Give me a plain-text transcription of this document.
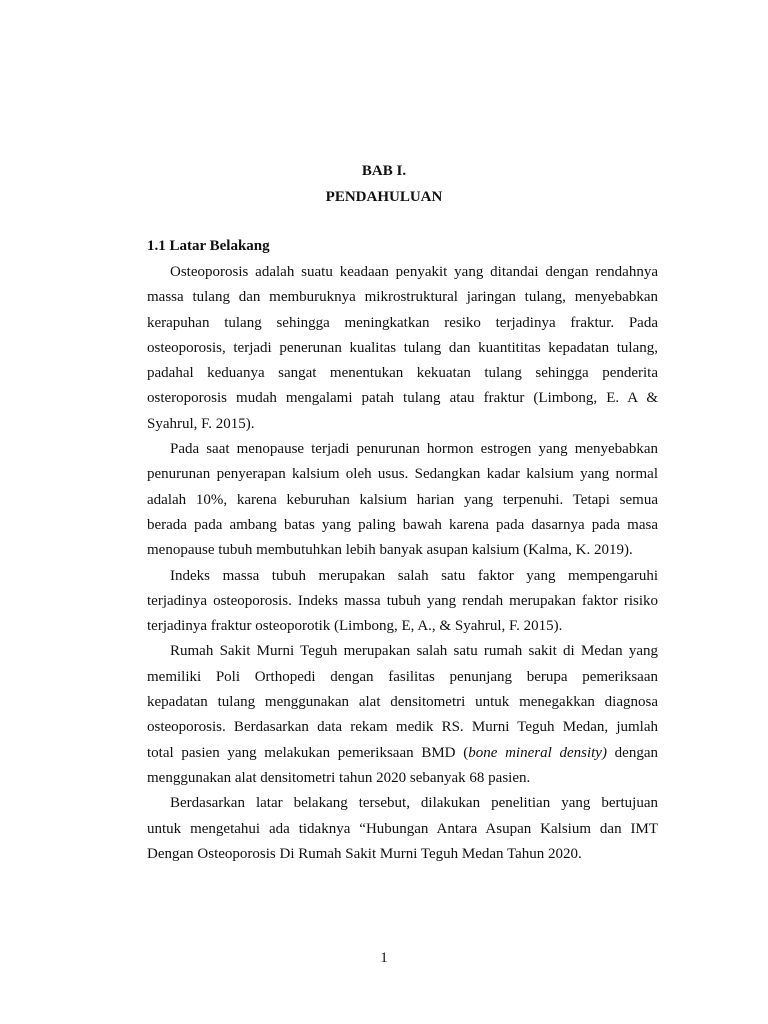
BAB I.

PENDAHULUAN

1.1 Latar Belakang

Osteoporosis adalah suatu keadaan penyakit yang ditandai dengan rendahnya
massa tulang dan memburuknya mikrostruktural jaringan tulang, menyebabkan
kerapuhan tulang sehingga meningkatkan resiko terjadinya fraktur. Pada
osteoporosis, terjadi penerunan kualitas tulang dan kuantititas kepadatan tulang,
padahal keduanya sangat menentukan kekuatan tulang sehingga penderita
osteroporosis mudah mengalami patah tulang atau fraktur (Limbong, E. A &
Syahrul, F. 2015).

Pada saat menopause terjadi penurunan hormon estrogen yang menyebabkan
penurunan penyerapan kalsium oleh usus. Sedangkan kadar kalsium yang normal
adalah 10%, karena keburuhan kalsium harian yang terpenuhi. Tetapi semua
berada pada ambang batas yang paling bawah karena pada dasarnya pada masa
menopause tubuh membutuhkan lebih banyak asupan kalsium (Kalma, K. 2019).

Indeks massa tubuh merupakan salah satu faktor yang mempengaruhi
terjadinya osteoporosis. Indeks massa tubuh yang rendah merupakan faktor risiko
terjadinya fraktur osteoporotik (Limbong, E, A., & Syahrul, F. 2015).

Rumah Sakit Murni Teguh merupakan salah satu rumah sakit di Medan yang
memiliki Poli Orthopedi dengan fasilitas penunjang berupa pemeriksaan
kepadatan tulang menggunakan alat densitometri untuk menegakkan diagnosa
osteoporosis. Berdasarkan data rekam medik RS. Murni Teguh Medan, jumlah
total pasien yang melakukan pemeriksaan BMD (bone mineral density) dengan
menggunakan alat densitometri tahun 2020 sebanyak 68 pasien.

Berdasarkan latar belakang tersebut, dilakukan penelitian yang bertujuan
untuk mengetahui ada tidaknya “Hubungan Antara Asupan Kalsium dan IMT
Dengan Osteoporosis Di Rumah Sakit Murni Teguh Medan Tahun 2020.

1
